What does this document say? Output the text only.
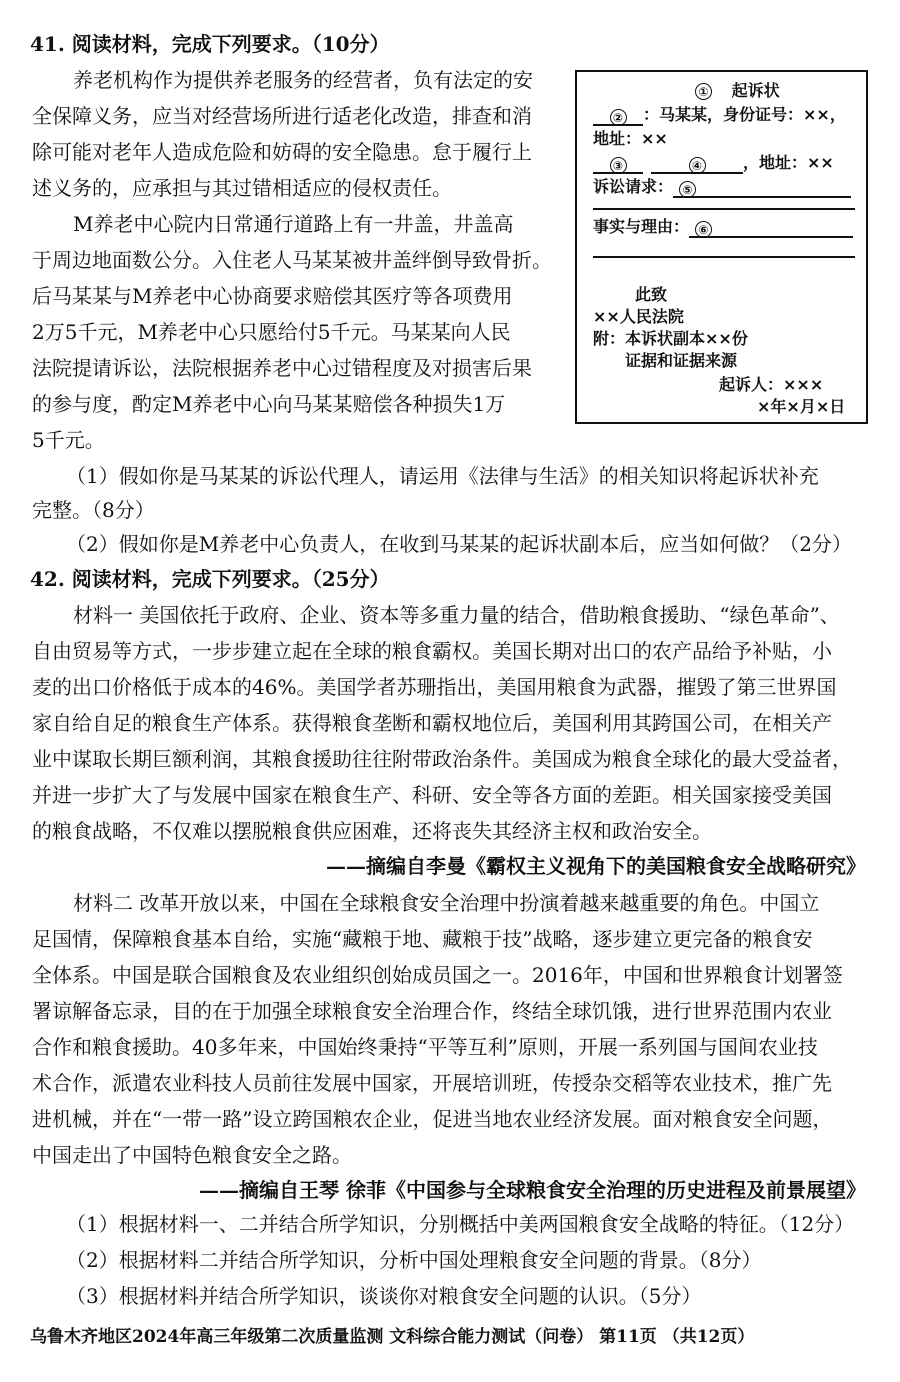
41. 阅读材料，完成下列要求。（10分）
养老机构作为提供养老服务的经营者，负有法定的安
全保障义务，应当对经营场所进行适老化改造，排查和消
除可能对老年人造成危险和妨碍的安全隐患。怠于履行上
述义务的，应承担与其过错相适应的侵权责任。
M养老中心院内日常通行道路上有一井盖，井盖高
于周边地面数公分。入住老人马某某被井盖绊倒导致骨折。
后马某某与M养老中心协商要求赔偿其医疗等各项费用
2万5千元，M养老中心只愿给付5千元。马某某向人民
法院提请诉讼，法院根据养老中心过错程度及对损害后果
的参与度，酌定M养老中心向马某某赔偿各种损失1万
5千元。
① 起诉状
② ：马某某，身份证号：××，
地址：××
③	④	，地址：××
诉讼请求： ⑤
事实与理由： ⑥
此致
××人民法院
附：本诉状副本××份
证据和证据来源
起诉人：×××
×年×月×日
（1）假如你是马某某的诉讼代理人，请运用《法律与生活》的相关知识将起诉状补充
完整。（8分）
（2）假如你是M养老中心负责人，在收到马某某的起诉状副本后，应当如何做？（2分）
42. 阅读材料，完成下列要求。（25分）
材料一 美国依托于政府、企业、资本等多重力量的结合，借助粮食援助、“绿色革命”、
自由贸易等方式，一步步建立起在全球的粮食霸权。美国长期对出口的农产品给予补贴，小
麦的出口价格低于成本的46%。美国学者苏珊指出，美国用粮食为武器，摧毁了第三世界国
家自给自足的粮食生产体系。获得粮食垄断和霸权地位后，美国利用其跨国公司，在相关产
业中谋取长期巨额利润，其粮食援助往往附带政治条件。美国成为粮食全球化的最大受益者，
并进一步扩大了与发展中国家在粮食生产、科研、安全等各方面的差距。相关国家接受美国
的粮食战略，不仅难以摆脱粮食供应困难，还将丧失其经济主权和政治安全。
——摘编自李曼《霸权主义视角下的美国粮食安全战略研究》
材料二 改革开放以来，中国在全球粮食安全治理中扮演着越来越重要的角色。中国立
足国情，保障粮食基本自给，实施“藏粮于地、藏粮于技”战略，逐步建立更完备的粮食安
全体系。中国是联合国粮食及农业组织创始成员国之一。2016年，中国和世界粮食计划署签
署谅解备忘录，目的在于加强全球粮食安全治理合作，终结全球饥饿，进行世界范围内农业
合作和粮食援助。40多年来，中国始终秉持“平等互利”原则，开展一系列国与国间农业技
术合作，派遣农业科技人员前往发展中国家，开展培训班，传授杂交稻等农业技术，推广先
进机械，并在“一带一路”设立跨国粮农企业，促进当地农业经济发展。面对粮食安全问题，
中国走出了中国特色粮食安全之路。
——摘编自王琴 徐菲《中国参与全球粮食安全治理的历史进程及前景展望》
（1）根据材料一、二并结合所学知识，分别概括中美两国粮食安全战略的特征。（12分）
（2）根据材料二并结合所学知识，分析中国处理粮食安全问题的背景。（8分）
（3）根据材料并结合所学知识，谈谈你对粮食安全问题的认识。（5分）
乌鲁木齐地区2024年高三年级第二次质量监测 文科综合能力测试（问卷） 第11页 （共12页）
